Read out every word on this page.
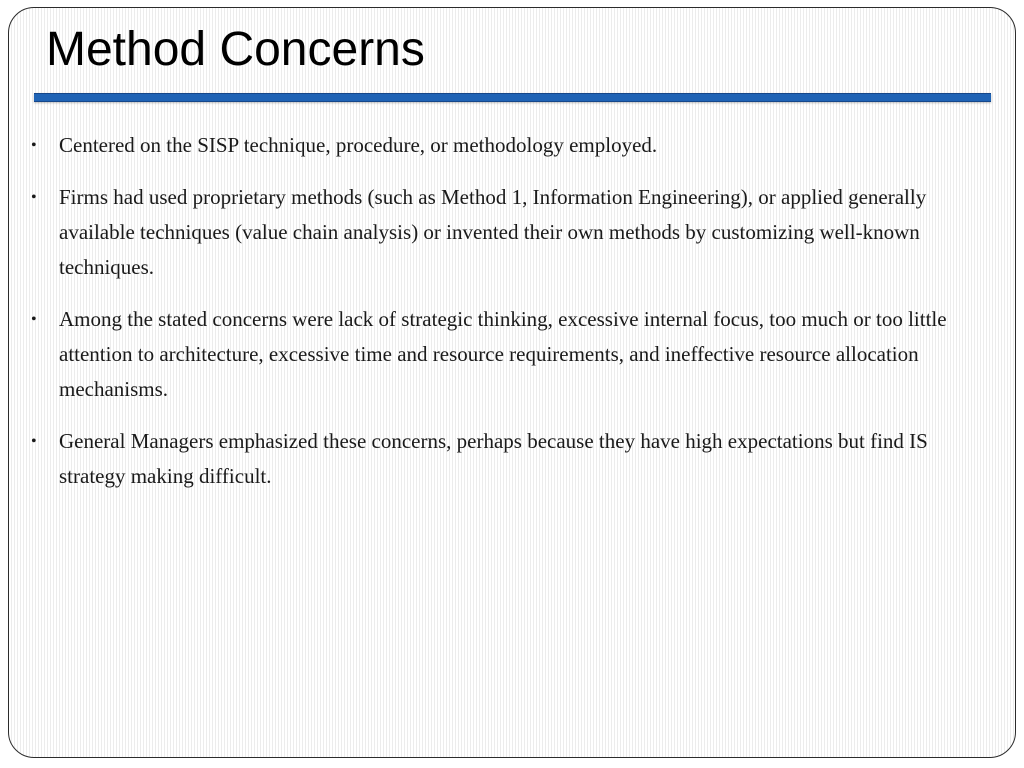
Method Concerns
• Centered on the SISP technique, procedure, or methodology employed.
• Firms had used proprietary methods (such as Method 1, Information Engineering), or applied generally available techniques (value chain analysis) or invented their own methods by customizing well-known techniques.
• Among the stated concerns were lack of strategic thinking, excessive internal focus, too much or too little attention to architecture, excessive time and resource requirements, and ineffective resource allocation mechanisms.
• General Managers emphasized these concerns, perhaps because they have high expectations but find IS strategy making difficult.
